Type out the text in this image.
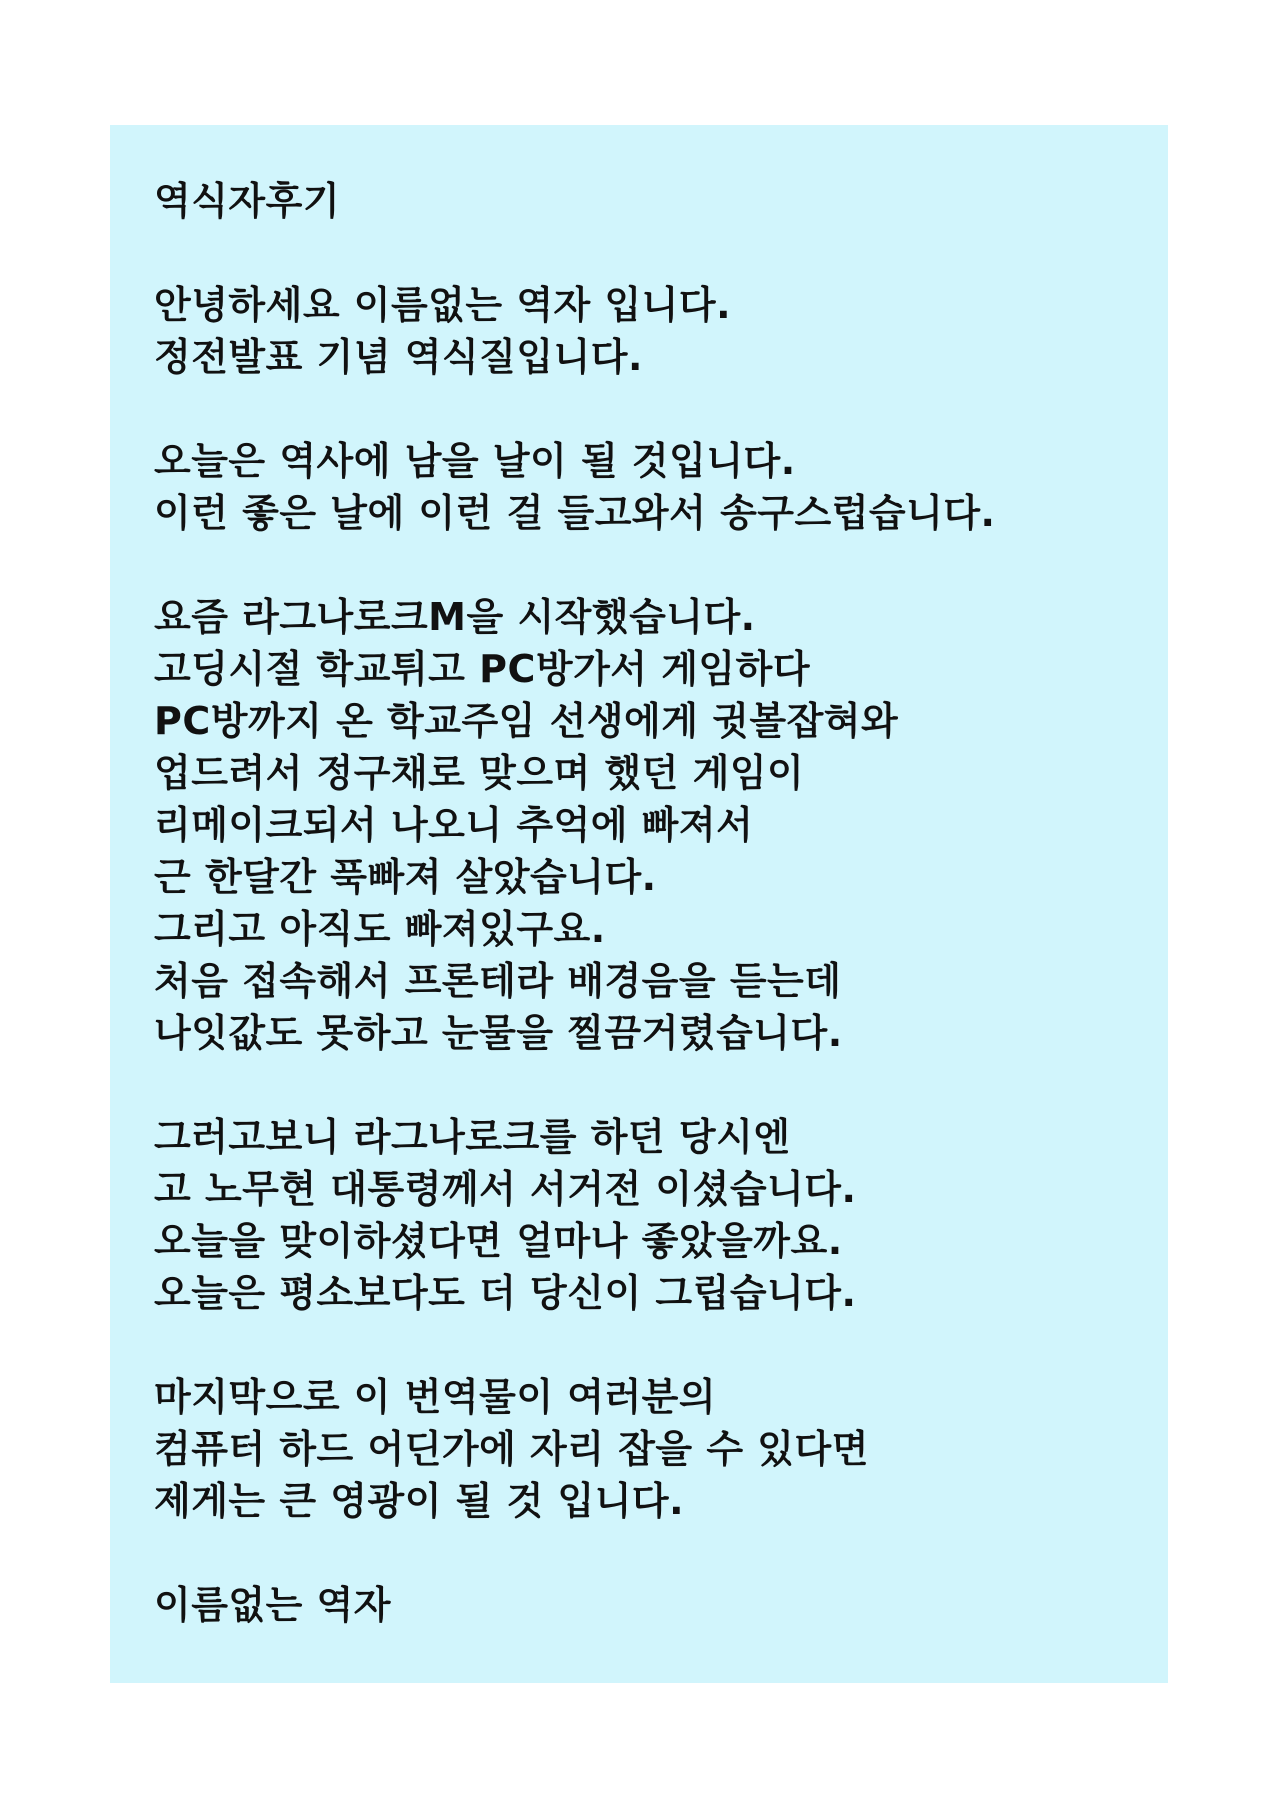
역식자후기
안녕하세요 이름없는 역자 입니다.
정전발표 기념 역식질입니다.
오늘은 역사에 남을 날이 될 것입니다.
이런 좋은 날에 이런 걸 들고와서 송구스럽습니다.
요즘 라그나로크M을 시작했습니다.
고딩시절 학교튀고 PC방가서 게임하다
PC방까지 온 학교주임 선생에게 귓볼잡혀와
업드려서 정구채로 맞으며 했던 게임이
리메이크되서 나오니 추억에 빠져서
근 한달간 푹빠져 살았습니다.
그리고 아직도 빠져있구요.
처음 접속해서 프론테라 배경음을 듣는데
나잇값도 못하고 눈물을 찔끔거렸습니다.
그러고보니 라그나로크를 하던 당시엔
고 노무현 대통령께서 서거전 이셨습니다.
오늘을 맞이하셨다면 얼마나 좋았을까요.
오늘은 평소보다도 더 당신이 그립습니다.
마지막으로 이 번역물이 여러분의
컴퓨터 하드 어딘가에 자리 잡을 수 있다면
제게는 큰 영광이 될 것 입니다.
이름없는 역자
